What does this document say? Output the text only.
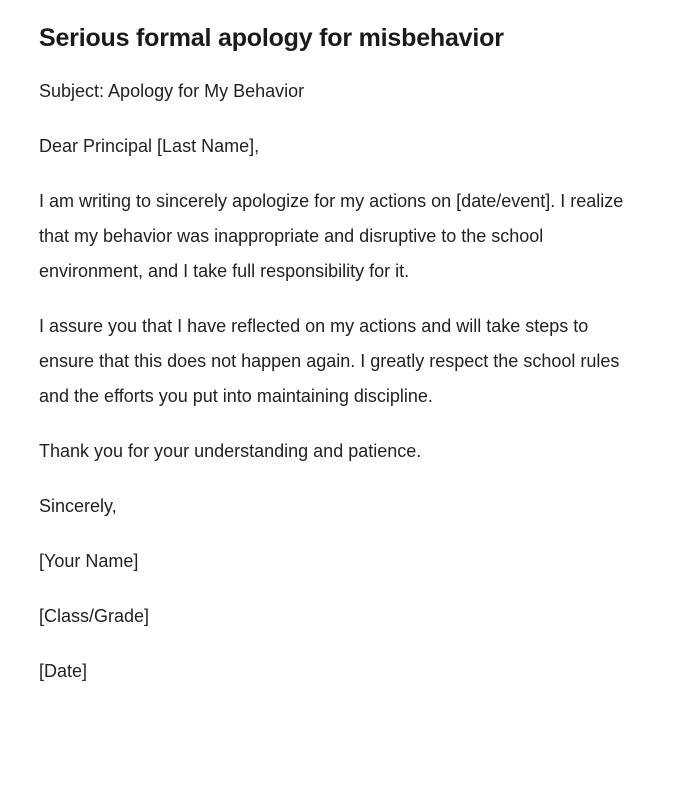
Serious formal apology for misbehavior

Subject: Apology for My Behavior

Dear Principal [Last Name],

I am writing to sincerely apologize for my actions on [date/event]. I realize that my behavior was inappropriate and disruptive to the school environment, and I take full responsibility for it.

I assure you that I have reflected on my actions and will take steps to ensure that this does not happen again. I greatly respect the school rules and the efforts you put into maintaining discipline.

Thank you for your understanding and patience.

Sincerely,

[Your Name]

[Class/Grade]

[Date]
